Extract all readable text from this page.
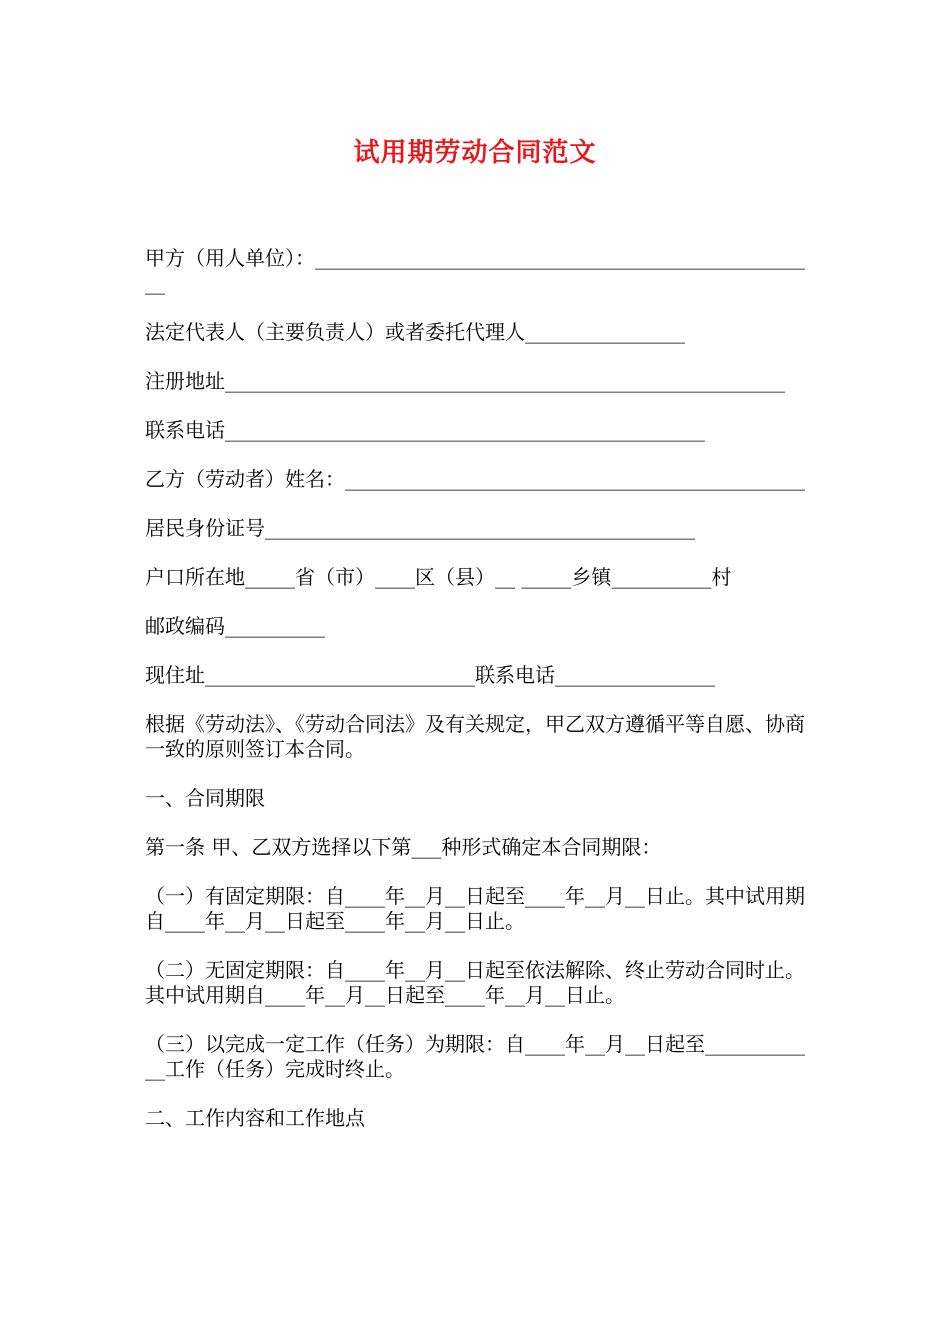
试用期劳动合同范文

甲方（用人单位）：___________________________________________________

法定代表人（主要负责人）或者委托代理人________________

注册地址________________________________________________________

联系电话________________________________________________

乙方（劳动者）姓名：______________________________________________

居民身份证号___________________________________________

户口所在地_____省（市）____区（县）__ _____乡镇__________村

邮政编码__________

现住址___________________________联系电话________________

根据《劳动法》、《劳动合同法》及有关规定，甲乙双方遵循平等自愿、协商一致的原则签订本合同。

一、合同期限

第一条 甲、乙双方选择以下第___种形式确定本合同期限：

（一）有固定期限：自____年__月__日起至____年__月__日止。其中试用期自____年__月__日起至____年__月__日止。

（二）无固定期限：自____年__月__日起至依法解除、终止劳动合同时止。其中试用期自____年__月__日起至____年__月__日止。

（三）以完成一定工作（任务）为期限：自____年__月__日起至____________工作（任务）完成时终止。

二、工作内容和工作地点
